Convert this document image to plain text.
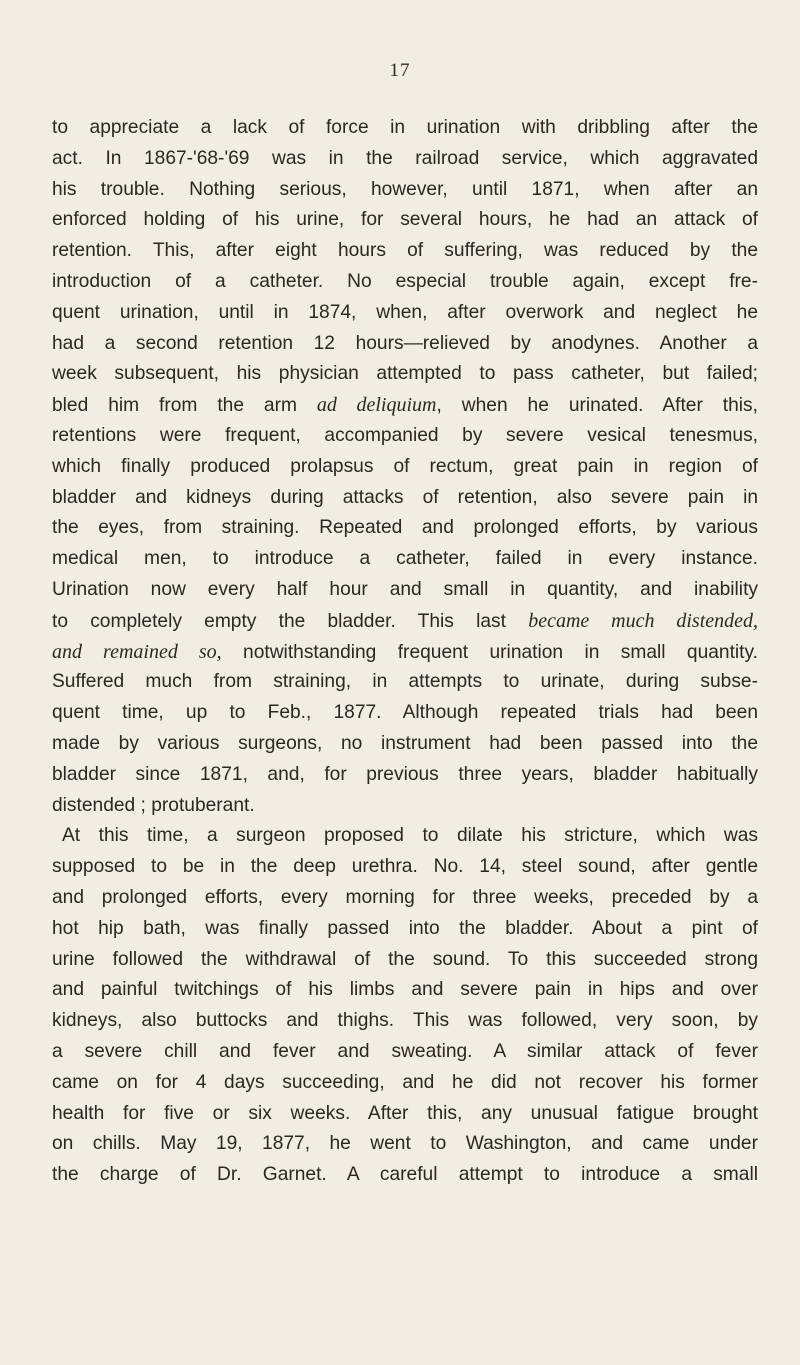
17
to appreciate a lack of force in urination with dribbling after the
act. In 1867-'68-'69 was in the railroad service, which aggravated
his trouble. Nothing serious, however, until 1871, when after an
enforced holding of his urine, for several hours, he had an attack of
retention. This, after eight hours of suffering, was reduced by the
introduction of a catheter. No especial trouble again, except fre-
quent urination, until in 1874, when, after overwork and neglect he
had a second retention 12 hours—relieved by anodynes. Another a
week subsequent, his physician attempted to pass catheter, but failed;
bled him from the arm ad deliquium, when he urinated. After this,
retentions were frequent, accompanied by severe vesical tenesmus,
which finally produced prolapsus of rectum, great pain in region of
bladder and kidneys during attacks of retention, also severe pain in
the eyes, from straining. Repeated and prolonged efforts, by various
medical men, to introduce a catheter, failed in every instance.
Urination now every half hour and small in quantity, and inability
to completely empty the bladder. This last became much distended,
and remained so, notwithstanding frequent urination in small quantity.
Suffered much from straining, in attempts to urinate, during subse-
quent time, up to Feb., 1877. Although repeated trials had been
made by various surgeons, no instrument had been passed into the
bladder since 1871, and, for previous three years, bladder habitually
distended ; protuberant.
At this time, a surgeon proposed to dilate his stricture, which was
supposed to be in the deep urethra. No. 14, steel sound, after gentle
and prolonged efforts, every morning for three weeks, preceded by a
hot hip bath, was finally passed into the bladder. About a pint of
urine followed the withdrawal of the sound. To this succeeded strong
and painful twitchings of his limbs and severe pain in hips and over
kidneys, also buttocks and thighs. This was followed, very soon, by
a severe chill and fever and sweating. A similar attack of fever
came on for 4 days succeeding, and he did not recover his former
health for five or six weeks. After this, any unusual fatigue brought
on chills. May 19, 1877, he went to Washington, and came under
the charge of Dr. Garnet. A careful attempt to introduce a small
